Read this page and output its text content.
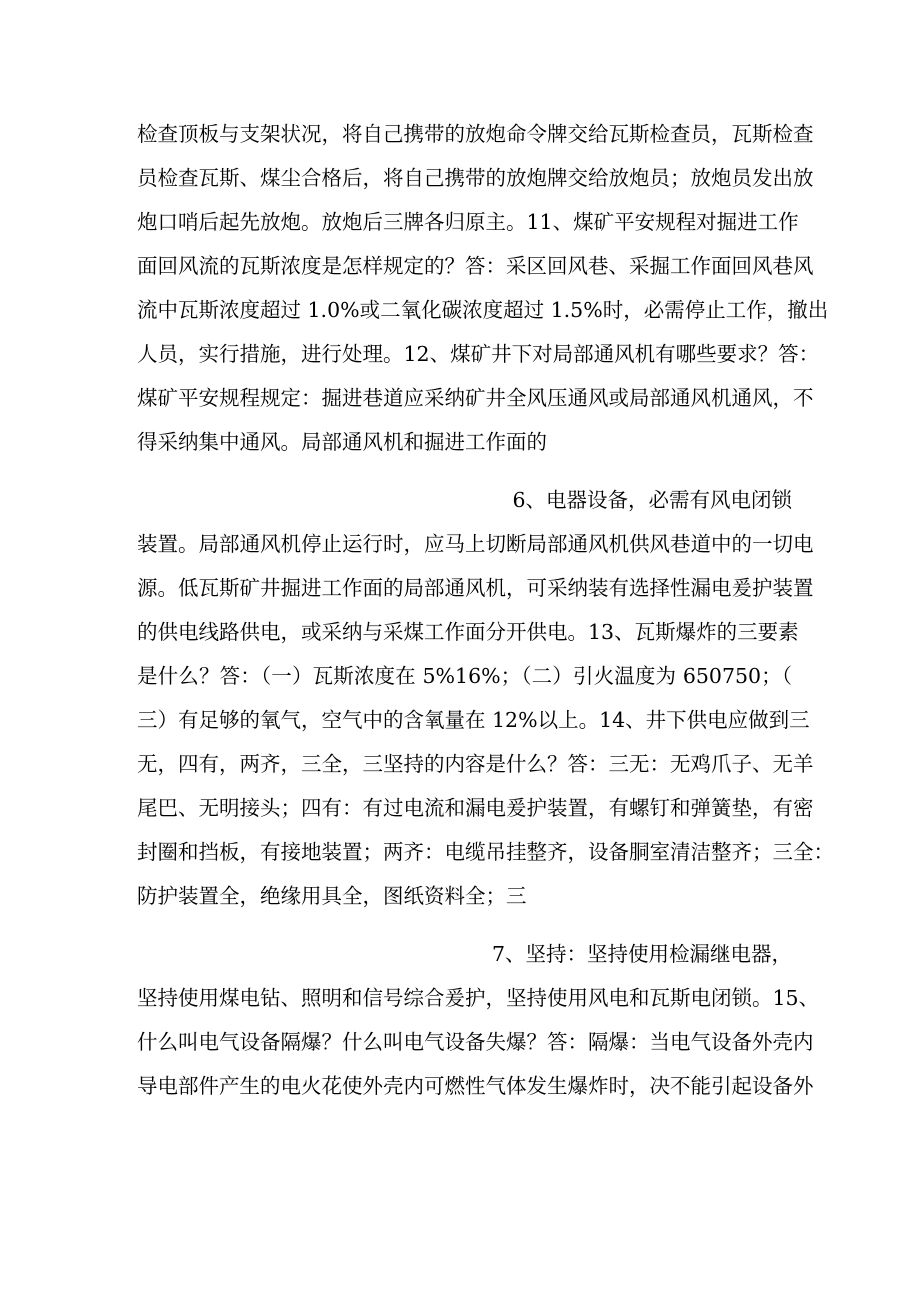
检查顶板与支架状况，将自己携带的放炮命令牌交给瓦斯检查员，瓦斯检查
员检查瓦斯、煤尘合格后，将自己携带的放炮牌交给放炮员；放炮员发出放
炮口哨后起先放炮。放炮后三牌各归原主。11、煤矿平安规程对掘进工作
面回风流的瓦斯浓度是怎样规定的？答：采区回风巷、采掘工作面回风巷风
流中瓦斯浓度超过 1.0%或二氧化碳浓度超过 1.5%时，必需停止工作，撤出
人员，实行措施，进行处理。12、煤矿井下对局部通风机有哪些要求？答：
煤矿平安规程规定：掘进巷道应采纳矿井全风压通风或局部通风机通风，不
得采纳集中通风。局部通风机和掘进工作面的
6、电器设备，必需有风电闭锁
装置。局部通风机停止运行时，应马上切断局部通风机供风巷道中的一切电
源。低瓦斯矿井掘进工作面的局部通风机，可采纳装有选择性漏电爰护装置
的供电线路供电，或采纳与采煤工作面分开供电。13、瓦斯爆炸的三要素
是什么？答：（一）瓦斯浓度在 5%16%；（二）引火温度为 650750；（
三）有足够的氧气，空气中的含氧量在 12%以上。14、井下供电应做到三
无，四有，两齐，三全，三坚持的内容是什么？答：三无：无鸡爪子、无羊
尾巴、无明接头；四有：有过电流和漏电爰护装置，有螺钉和弹簧垫，有密
封圈和挡板，有接地装置；两齐：电缆吊挂整齐，设备胴室清洁整齐；三全：
防护装置全，绝缘用具全，图纸资料全；三
7、坚持：坚持使用检漏继电器，
坚持使用煤电钻、照明和信号综合爰护，坚持使用风电和瓦斯电闭锁。15、
什么叫电气设备隔爆？什么叫电气设备失爆？答：隔爆：当电气设备外壳内
导电部件产生的电火花使外壳内可燃性气体发生爆炸时，决不能引起设备外
